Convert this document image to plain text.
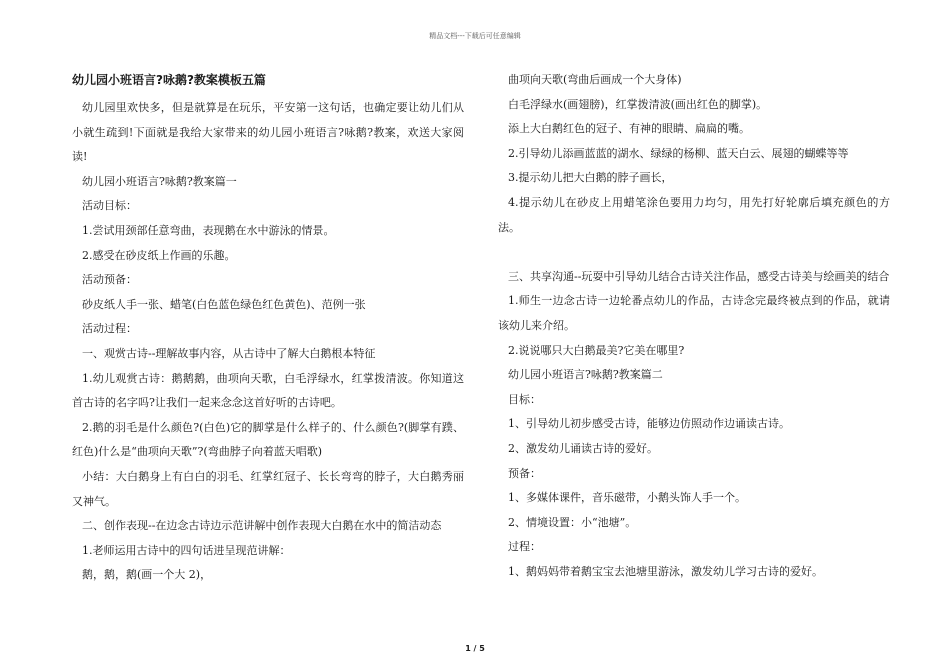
精品文档---下载后可任意编辑
幼儿园小班语言?咏鹅?教案模板五篇

幼儿园里欢快多，但是就算是在玩乐，平安第一这句话，也确定要让幼儿们从小就生疏到!下面就是我给大家带来的幼儿园小班语言?咏鹅?教案，欢送大家阅读!

幼儿园小班语言?咏鹅?教案篇一

活动目标：

1.尝试用颈部任意弯曲，表现鹅在水中游泳的情景。

2.感受在砂皮纸上作画的乐趣。

活动预备：

砂皮纸人手一张、蜡笔(白色蓝色绿色红色黄色)、范例一张

活动过程：

一、观赏古诗--理解故事内容，从古诗中了解大白鹅根本特征

1.幼儿观赏古诗：鹅鹅鹅，曲项向天歌，白毛浮绿水，红掌拨清波。你知道这首古诗的名字吗?让我们一起来念念这首好听的古诗吧。

2.鹅的羽毛是什么颜色?(白色)它的脚掌是什么样子的、什么颜色?(脚掌有蹼、红色)什么是“曲项向天歌”?(弯曲脖子向着蓝天唱歌)

小结：大白鹅身上有白白的羽毛、红掌红冠子、长长弯弯的脖子，大白鹅秀丽又神气。

二、创作表现--在边念古诗边示范讲解中创作表现大白鹅在水中的简洁动态

1.老师运用古诗中的四句话进呈现范讲解：

鹅，鹅，鹅(画一个大 2)，

曲项向天歌(弯曲后画成一个大身体)

白毛浮绿水(画翅膀)，红掌拨清波(画出红色的脚掌)。

添上大白鹅红色的冠子、有神的眼睛、扁扁的嘴。

2.引导幼儿添画蓝蓝的湖水、绿绿的杨柳、蓝天白云、展翅的蝴蝶等等

3.提示幼儿把大白鹅的脖子画长，

4.提示幼儿在砂皮上用蜡笔涂色要用力均匀，用先打好轮廓后填充颜色的方法。

三、共享沟通--玩耍中引导幼儿结合古诗关注作品，感受古诗美与绘画美的结合

1.师生一边念古诗一边轮番点幼儿的作品，古诗念完最终被点到的作品，就请该幼儿来介绍。

2.说说哪只大白鹅最美?它美在哪里?

幼儿园小班语言?咏鹅?教案篇二

目标：

1、引导幼儿初步感受古诗，能够边仿照动作边诵读古诗。

2、激发幼儿诵读古诗的爱好。

预备：

1、多媒体课件，音乐磁带，小鹅头饰人手一个。

2、情境设置：小“池塘”。

过程：

1、鹅妈妈带着鹅宝宝去池塘里游泳，激发幼儿学习古诗的爱好。

1 / 5
